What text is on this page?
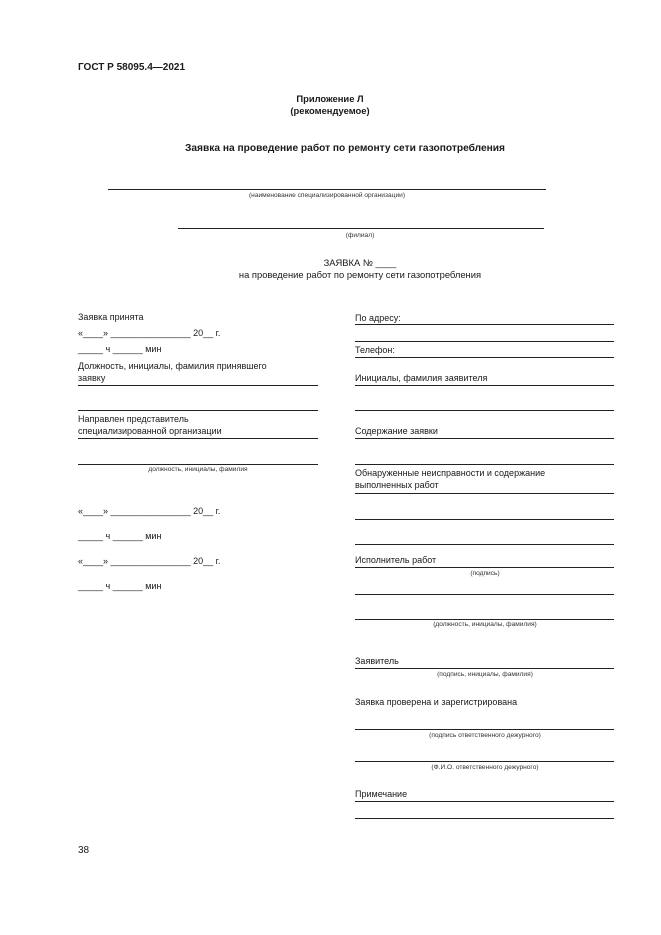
ГОСТ Р 58095.4—2021
Приложение Л
(рекомендуемое)
Заявка на проведение работ по ремонту сети газопотребления
(наименование специализированной организации)
(филиал)
ЗАЯВКА № ____
на проведение работ по ремонту сети газопотребления
Заявка принята
«____» ________________ 20__ г.
_____ ч ______ мин
Должность, инициалы, фамилия принявшего
заявку
Направлен представитель
специализированной организации
должность, инициалы, фамилия
«____» ________________ 20__ г.
_____ ч ______ мин
«____» ________________ 20__ г.
_____ ч ______ мин
По адресу:
Телефон:
Инициалы, фамилия заявителя
Содержание заявки
Обнаруженные неисправности и содержание
выполненных работ
Исполнитель работ
(подпись)
(должность, инициалы, фамилия)
Заявитель
(подпись, инициалы, фамилия)
Заявка проверена и зарегистрирована
(подпись ответственного дежурного)
(Ф.И.О. ответственного дежурного)
Примечание
38
